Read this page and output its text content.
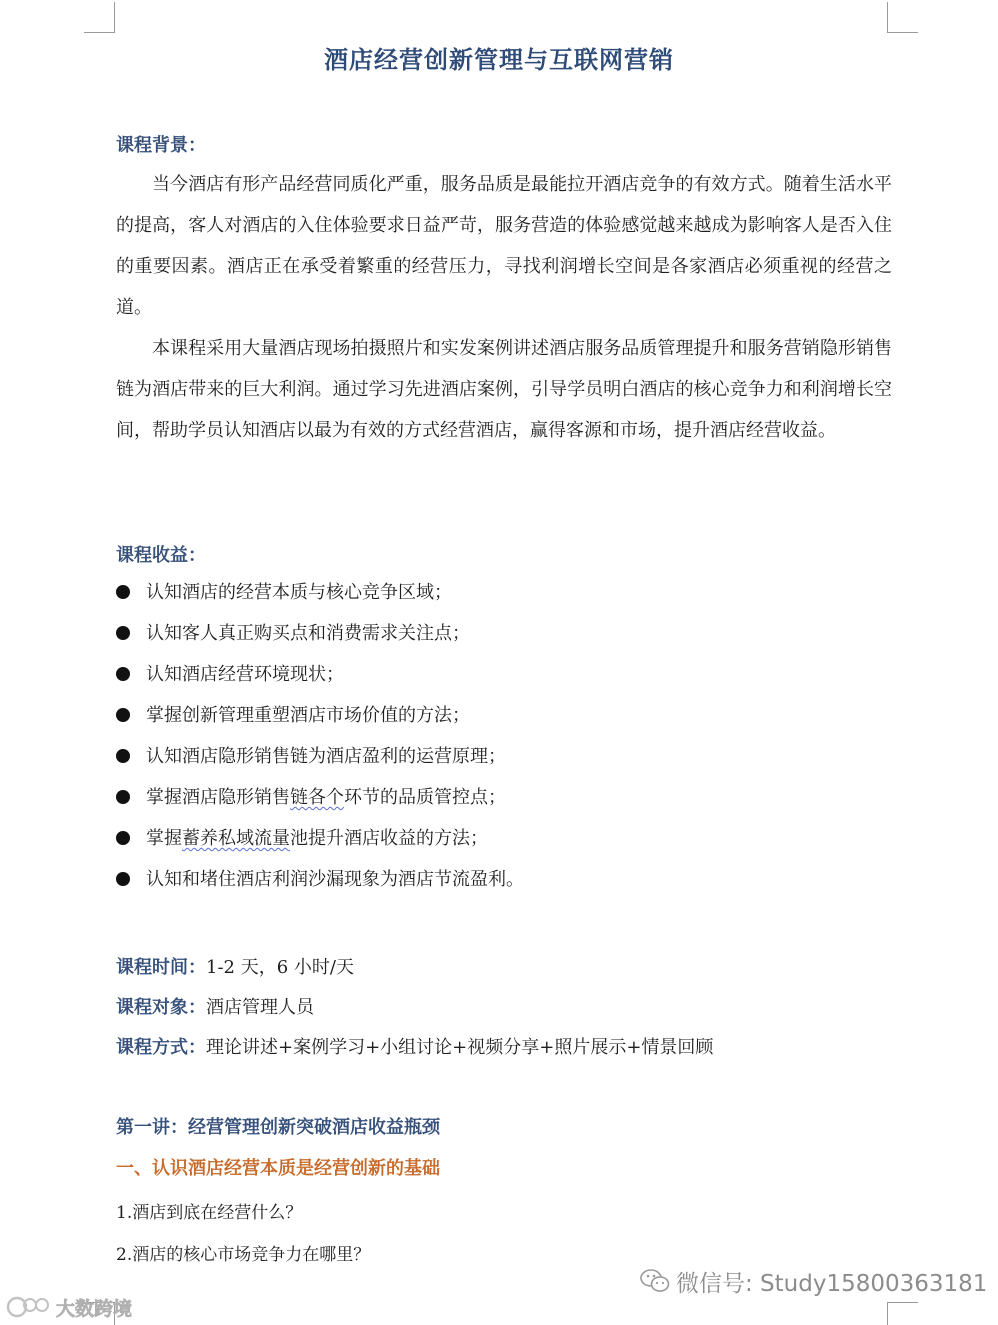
酒店经营创新管理与互联网营销
课程背景：

当今酒店有形产品经营同质化严重，服务品质是最能拉开酒店竞争的有效方式。随着生活水平的提高，客人对酒店的入住体验要求日益严苛，服务营造的体验感觉越来越成为影响客人是否入住的重要因素。酒店正在承受着繁重的经营压力，寻找利润增长空间是各家酒店必须重视的经营之道。

本课程采用大量酒店现场拍摄照片和实发案例讲述酒店服务品质管理提升和服务营销隐形销售链为酒店带来的巨大利润。通过学习先进酒店案例，引导学员明白酒店的核心竞争力和利润增长空间，帮助学员认知酒店以最为有效的方式经营酒店，赢得客源和市场，提升酒店经营收益。

课程收益：
认知酒店的经营本质与核心竞争区域；
认知客人真正购买点和消费需求关注点；
认知酒店经营环境现状；
掌握创新管理重塑酒店市场价值的方法；
认知酒店隐形销售链为酒店盈利的运营原理；
掌握酒店隐形销售链各个环节的品质管控点；
掌握蓄养私域流量池提升酒店收益的方法；
认知和堵住酒店利润沙漏现象为酒店节流盈利。
课程时间：1-2 天，6 小时/天
课程对象：酒店管理人员
课程方式：理论讲述+案例学习+小组讨论+视频分享+照片展示+情景回顾
第一讲：经营管理创新突破酒店收益瓶颈
一、认识酒店经营本质是经营创新的基础
1.酒店到底在经营什么？
2.酒店的核心市场竞争力在哪里？
微信号: Study15800363181
大数跨境
